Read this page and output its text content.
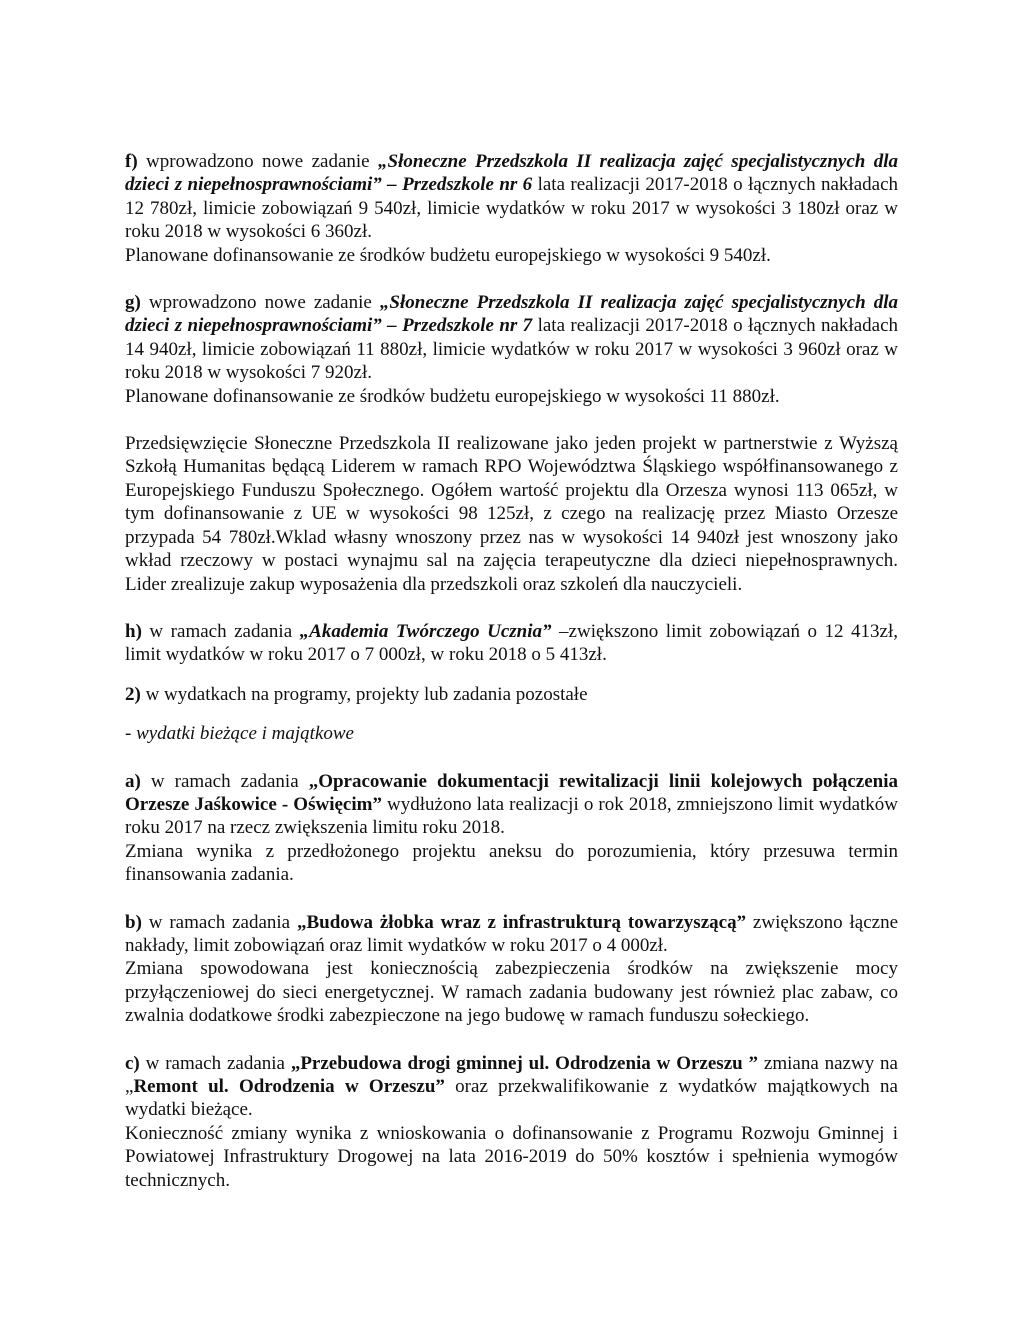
f) wprowadzono nowe zadanie „Słoneczne Przedszkola II realizacja zajęć specjalistycznych dla dzieci z niepełnosprawnościami” – Przedszkole nr 6 lata realizacji 2017-2018 o łącznych nakładach 12 780zł, limicie zobowiązań 9 540zł, limicie wydatków w roku 2017 w wysokości 3 180zł oraz w roku 2018 w wysokości 6 360zł.

Planowane dofinansowanie ze środków budżetu europejskiego w wysokości 9 540zł.

g) wprowadzono nowe zadanie „Słoneczne Przedszkola II realizacja zajęć specjalistycznych dla dzieci z niepełnosprawnościami” – Przedszkole nr 7 lata realizacji 2017-2018 o łącznych nakładach 14 940zł, limicie zobowiązań 11 880zł, limicie wydatków w roku 2017 w wysokości 3 960zł oraz w roku 2018 w wysokości 7 920zł.

Planowane dofinansowanie ze środków budżetu europejskiego w wysokości 11 880zł.

Przedsięwzięcie Słoneczne Przedszkola II realizowane jako jeden projekt w partnerstwie z Wyższą Szkołą Humanitas będącą Liderem w ramach RPO Województwa Śląskiego współfinansowanego z Europejskiego Funduszu Społecznego. Ogółem wartość projektu dla Orzesza wynosi 113 065zł, w tym dofinansowanie z UE w wysokości 98 125zł, z czego na realizację przez Miasto Orzesze przypada 54 780zł.Wklad własny wnoszony przez nas w wysokości 14 940zł jest wnoszony jako wkład rzeczowy w postaci wynajmu sal na zajęcia terapeutyczne dla dzieci niepełnosprawnych. Lider zrealizuje zakup wyposażenia dla przedszkoli oraz szkoleń dla nauczycieli.

h) w ramach zadania „Akademia Twórczego Ucznia” –zwiększono limit zobowiązań o 12 413zł, limit wydatków w roku 2017 o 7 000zł, w roku 2018 o 5 413zł.

2) w wydatkach na programy, projekty lub zadania pozostałe

- wydatki bieżące i majątkowe

a) w ramach zadania „Opracowanie dokumentacji rewitalizacji linii kolejowych połączenia Orzesze Jaśkowice - Oświęcim” wydłużono lata realizacji o rok 2018, zmniejszono limit wydatków roku 2017 na rzecz zwiększenia limitu roku 2018.

Zmiana wynika z przedłożonego projektu aneksu do porozumienia, który przesuwa termin finansowania zadania.

b) w ramach zadania „Budowa żłobka wraz z infrastrukturą towarzyszącą” zwiększono łączne nakłady, limit zobowiązań oraz limit wydatków w roku 2017 o 4 000zł.

Zmiana spowodowana jest koniecznością zabezpieczenia środków na zwiększenie mocy przyłączeniowej do sieci energetycznej. W ramach zadania budowany jest również plac zabaw, co zwalnia dodatkowe środki zabezpieczone na jego budowę w ramach funduszu sołeckiego.

c) w ramach zadania „Przebudowa drogi gminnej ul. Odrodzenia w Orzeszu ” zmiana nazwy na „Remont ul. Odrodzenia w Orzeszu” oraz przekwalifikowanie z wydatków majątkowych na wydatki bieżące.

Konieczność zmiany wynika z wnioskowania o dofinansowanie z Programu Rozwoju Gminnej i Powiatowej Infrastruktury Drogowej na lata 2016-2019 do 50% kosztów i spełnienia wymogów technicznych.
